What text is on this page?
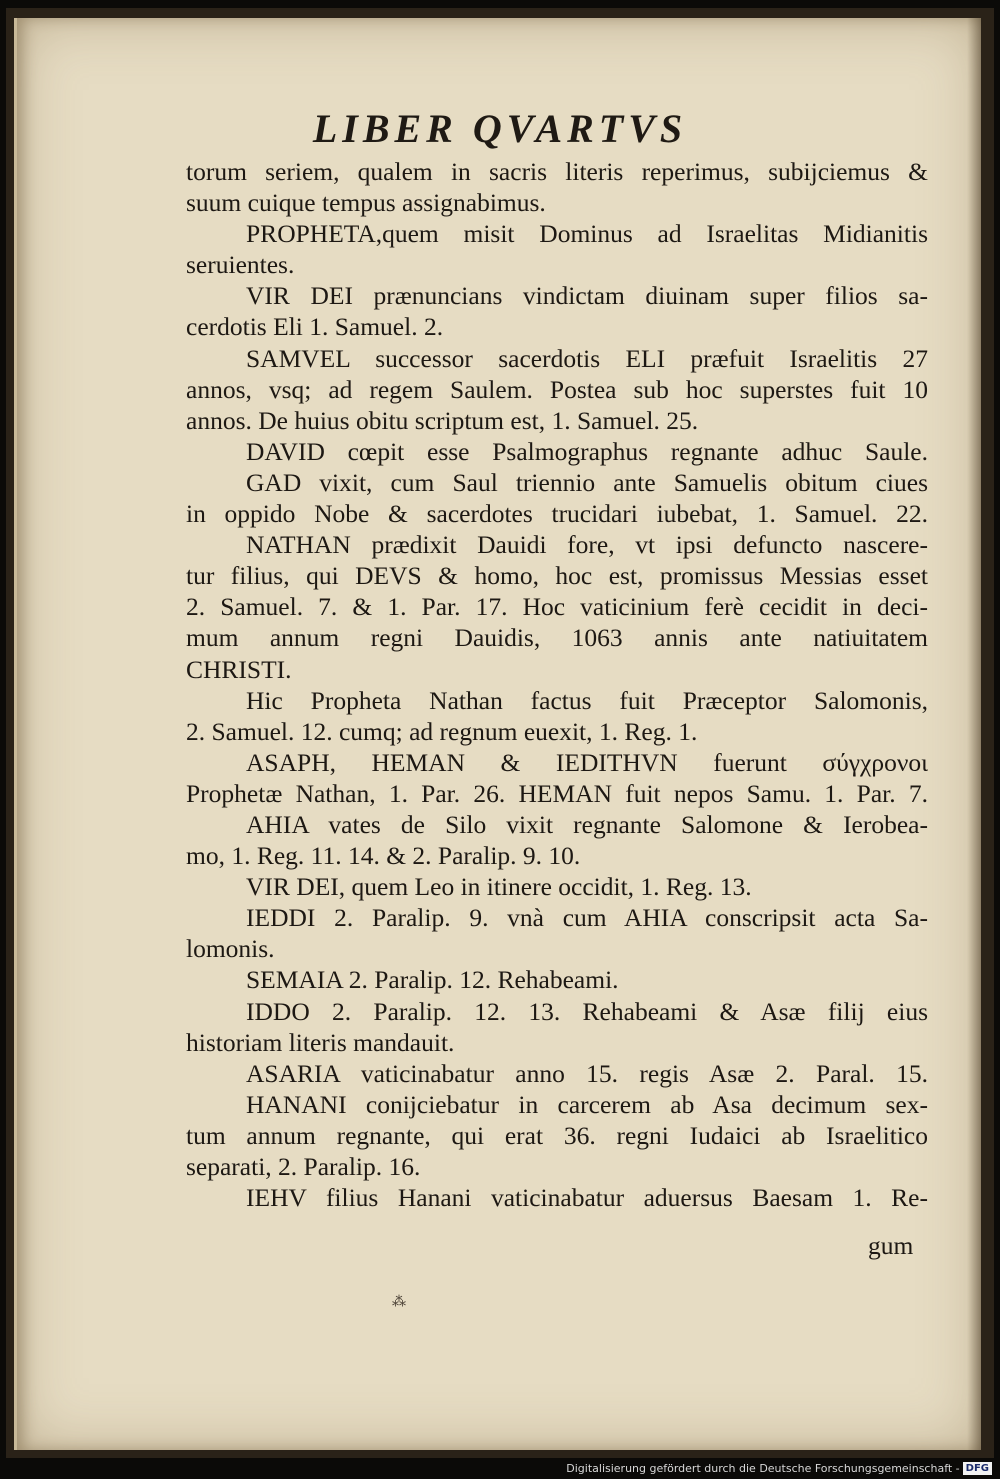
LIBER QVARTVS
torum seriem, qualem in sacris literis reperimus, subijciemus &
suum cuique tempus assignabimus.
PROPHETA,quem misit Dominus ad Israelitas Midianitis
seruientes.
VIR DEI prænuncians vindictam diuinam super filios sa-
cerdotis Eli 1. Samuel. 2.
SAMVEL successor sacerdotis ELI præfuit Israelitis 27
annos, vsq; ad regem Saulem. Postea sub hoc superstes fuit 10
annos. De huius obitu scriptum est, 1. Samuel. 25.
DAVID cœpit esse Psalmographus regnante adhuc Saule.
GAD vixit, cum Saul triennio ante Samuelis obitum ciues
in oppido Nobe & sacerdotes trucidari iubebat, 1. Samuel. 22.
NATHAN prædixit Dauidi fore, vt ipsi defuncto nascere-
tur filius, qui DEVS & homo, hoc est, promissus Messias esset
2. Samuel. 7. & 1. Par. 17. Hoc vaticinium ferè cecidit in deci-
mum annum regni Dauidis, 1063 annis ante natiuitatem
CHRISTI.
Hic Propheta Nathan factus fuit Præceptor Salomonis,
2. Samuel. 12. cumq; ad regnum euexit, 1. Reg. 1.
ASAPH, HEMAN & IEDITHVN fuerunt σύγχρονοι
Prophetæ Nathan, 1. Par. 26. HEMAN fuit nepos Samu. 1. Par. 7.
AHIA vates de Silo vixit regnante Salomone & Ierobea-
mo, 1. Reg. 11. 14. & 2. Paralip. 9. 10.
VIR DEI, quem Leo in itinere occidit, 1. Reg. 13.
IEDDI 2. Paralip. 9. vnà cum AHIA conscripsit acta Sa-
lomonis.
SEMAIA 2. Paralip. 12. Rehabeami.
IDDO 2. Paralip. 12. 13. Rehabeami & Asæ filij eius
historiam literis mandauit.
ASARIA vaticinabatur anno 15. regis Asæ 2. Paral. 15.
HANANI conijciebatur in carcerem ab Asa decimum sex-
tum annum regnante, qui erat 36. regni Iudaici ab Israelitico
separati, 2. Paralip. 16.
IEHV filius Hanani vaticinabatur aduersus Baesam 1. Re-
gum
⁂
Digitalisierung gefördert durch die Deutsche Forschungsgemeinschaft - DFG
